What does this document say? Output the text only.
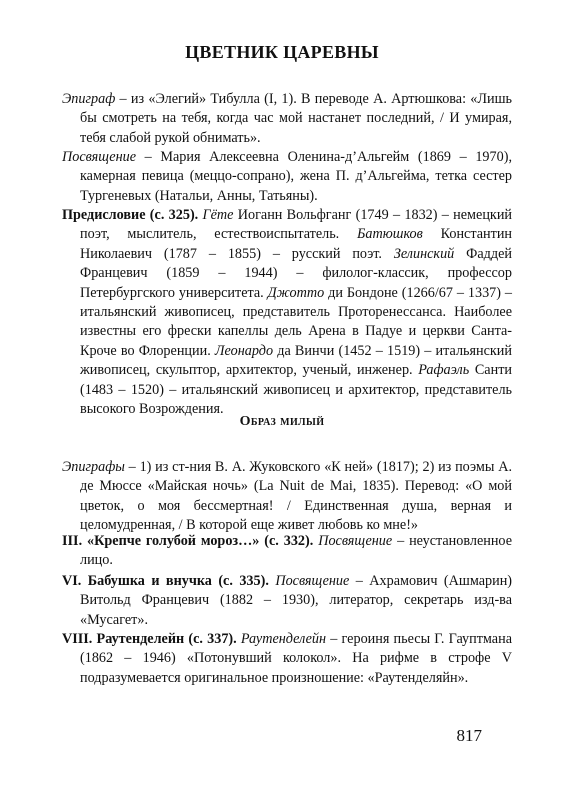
ЦВЕТНИК ЦАРЕВНЫ

Эпиграф – из «Элегий» Тибулла (I, 1). В переводе А. Артюшкова: «Лишь бы смотреть на тебя, когда час мой настанет последний, / И умирая, тебя слабой рукой обнимать».

Посвящение – Мария Алексеевна Оленина-д’Альгейм (1869 – 1970), камерная певица (меццо-сопрано), жена П. д’Альгейма, тетка сестер Тургеневых (Натальи, Анны, Татьяны).

Предисловие (с. 325). Гёте Иоганн Вольфганг (1749 – 1832) – немецкий поэт, мыслитель, естествоиспытатель. Батюшков Константин Николаевич (1787 – 1855) – русский поэт. Зелинский Фаддей Францевич (1859 – 1944) – филолог-классик, профессор Петербургского университета. Джотто ди Бондоне (1266/67 – 1337) – итальянский живописец, представитель Проторенессанса. Наиболее известны его фрески капеллы дель Арена в Падуе и церкви Санта-Кроче во Флоренции. Леонардо да Винчи (1452 – 1519) – итальянский живописец, скульптор, архитектор, ученый, инженер. Рафаэль Санти (1483 – 1520) – итальянский живописец и архитектор, представитель высокого Возрождения.

Образ милый

Эпиграфы – 1) из ст-ния В. А. Жуковского «К ней» (1817); 2) из поэмы А. де Мюссе «Майская ночь» (La Nuit de Mai, 1835). Перевод: «О мой цветок, о моя бессмертная! / Единственная душа, верная и целомудренная, / В которой еще живет любовь ко мне!»

III. «Крепче голубой мороз…» (с. 332). Посвящение – неустановленное лицо.

VI. Бабушка и внучка (с. 335). Посвящение – Ахрамович (Ашмарин) Витольд Францевич (1882 – 1930), литератор, секретарь изд-ва «Мусагет».

VIII. Раутенделейн (с. 337). Раутенделейн – героиня пьесы Г. Гауптмана (1862 – 1946) «Потонувший колокол». На рифме в строфе V подразумевается оригинальное произношение: «Раутенделяйн».

817
